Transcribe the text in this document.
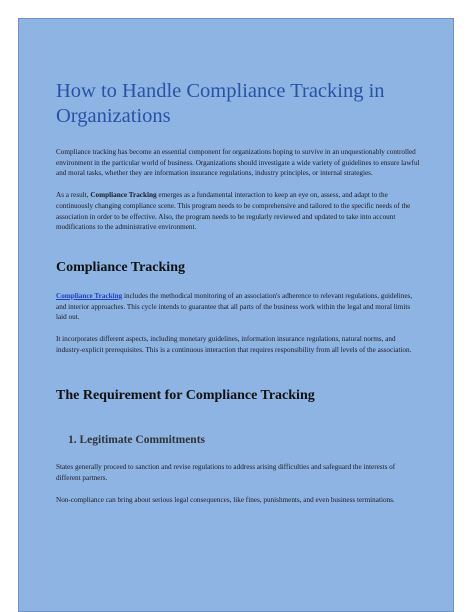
How to Handle Compliance Tracking in Organizations

Compliance tracking has become an essential component for organizations hoping to survive in an unquestionably controlled environment in the particular world of business. Organizations should investigate a wide variety of guidelines to ensure lawful and moral tasks, whether they are information insurance regulations, industry principles, or internal strategies.

As a result, Compliance Tracking emerges as a fundamental interaction to keep an eye on, assess, and adapt to the continuously changing compliance scene. This program needs to be comprehensive and tailored to the specific needs of the association in order to be effective. Also, the program needs to be regularly reviewed and updated to take into account modifications to the administrative environment.

Compliance Tracking

Compliance Tracking includes the methodical monitoring of an association's adherence to relevant regulations, guidelines, and interior approaches. This cycle intends to guarantee that all parts of the business work within the legal and moral limits laid out.

It incorporates different aspects, including monetary guidelines, information insurance regulations, natural norms, and industry-explicit prerequisites. This is a continuous interaction that requires responsibility from all levels of the association.

The Requirement for Compliance Tracking
1. Legitimate Commitments

States generally proceed to sanction and revise regulations to address arising difficulties and safeguard the interests of different partners.

Non-compliance can bring about serious legal consequences, like fines, punishments, and even business terminations.
